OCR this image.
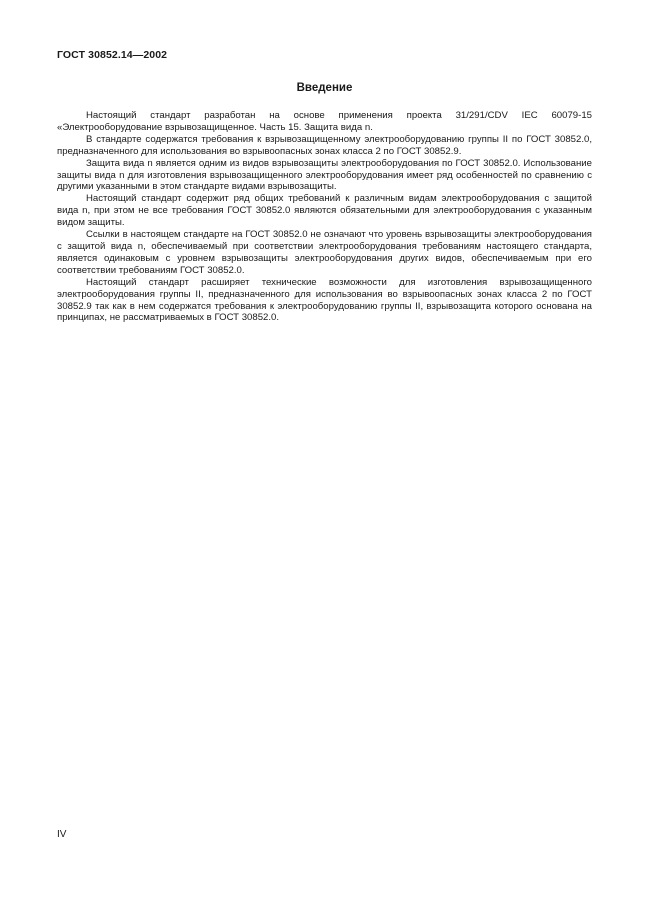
ГОСТ 30852.14—2002
Введение

Настоящий стандарт разработан на основе применения проекта 31/291/CDV IEC 60079-15 «Электрооборудование взрывозащищенное. Часть 15. Защита вида n.

В стандарте содержатся требования к взрывозащищенному электрооборудованию группы II по ГОСТ 30852.0, предназначенного для использования во взрывоопасных зонах класса 2 по ГОСТ 30852.9.

Защита вида n является одним из видов взрывозащиты электрооборудования по ГОСТ 30852.0. Использование защиты вида n для изготовления взрывозащищенного электрооборудования имеет ряд особенностей по сравнению с другими указанными в этом стандарте видами взрывозащиты.

Настоящий стандарт содержит ряд общих требований к различным видам электрооборудования с защитой вида n, при этом не все требования ГОСТ 30852.0 являются обязательными для электрооборудования с указанным видом защиты.

Ссылки в настоящем стандарте на ГОСТ 30852.0 не означают что уровень взрывозащиты электрооборудования с защитой вида n, обеспечиваемый при соответствии электрооборудования требованиям настоящего стандарта, является одинаковым с уровнем взрывозащиты электрооборудования других видов, обеспечиваемым при его соответствии требованиям ГОСТ 30852.0.

Настоящий стандарт расширяет технические возможности для изготовления взрывозащищенного электрооборудования группы II, предназначенного для использования во взрывоопасных зонах класса 2 по ГОСТ 30852.9 так как в нем содержатся требования к электрооборудованию группы II, взрывозащита которого основана на принципах, не рассматриваемых в ГОСТ 30852.0.

IV
